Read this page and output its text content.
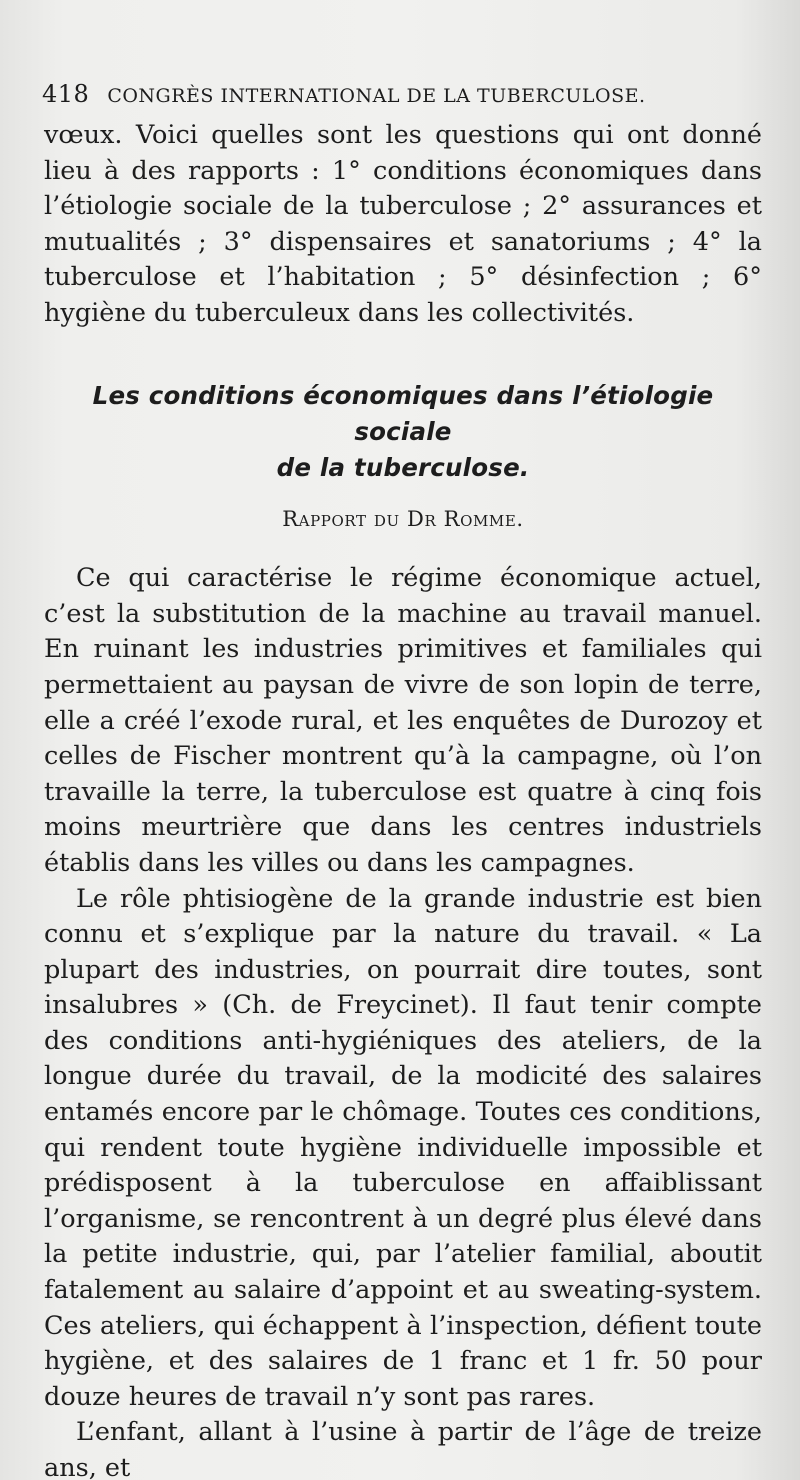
418 CONGRÈS INTERNATIONAL DE LA TUBERCULOSE.

vœux. Voici quelles sont les questions qui ont donné lieu à des rapports : 1° conditions économiques dans l’étiologie sociale de la tuberculose ; 2° assurances et mutualités ; 3° dispensaires et sanatoriums ; 4° la tuberculose et l’habitation ; 5° désinfection ; 6° hygiène du tuberculeux dans les collectivités.

Les conditions économiques dans l’étiologie sociale
de la tuberculose.
Rapport du Dr Romme.

Ce qui caractérise le régime économique actuel, c’est la substitution de la machine au travail manuel. En ruinant les industries primitives et familiales qui permettaient au paysan de vivre de son lopin de terre, elle a créé l’exode rural, et les enquêtes de Durozoy et celles de Fischer montrent qu’à la campagne, où l’on travaille la terre, la tuberculose est quatre à cinq fois moins meurtrière que dans les centres industriels établis dans les villes ou dans les campagnes.

Le rôle phtisiogène de la grande industrie est bien connu et s’explique par la nature du travail. « La plupart des industries, on pourrait dire toutes, sont insalubres » (Ch. de Freycinet). Il faut tenir compte des conditions anti-hygiéniques des ateliers, de la longue durée du travail, de la modicité des salaires entamés encore par le chômage. Toutes ces conditions, qui rendent toute hygiène individuelle impossible et prédisposent à la tuberculose en affaiblissant l’organisme, se rencontrent à un degré plus élevé dans la petite industrie, qui, par l’atelier familial, aboutit fatalement au salaire d’appoint et au sweating-system. Ces ateliers, qui échappent à l’inspection, défient toute hygiène, et des salaires de 1 franc et 1 fr. 50 pour douze heures de travail n’y sont pas rares.

L’enfant, allant à l’usine à partir de l’âge de treize ans, et
